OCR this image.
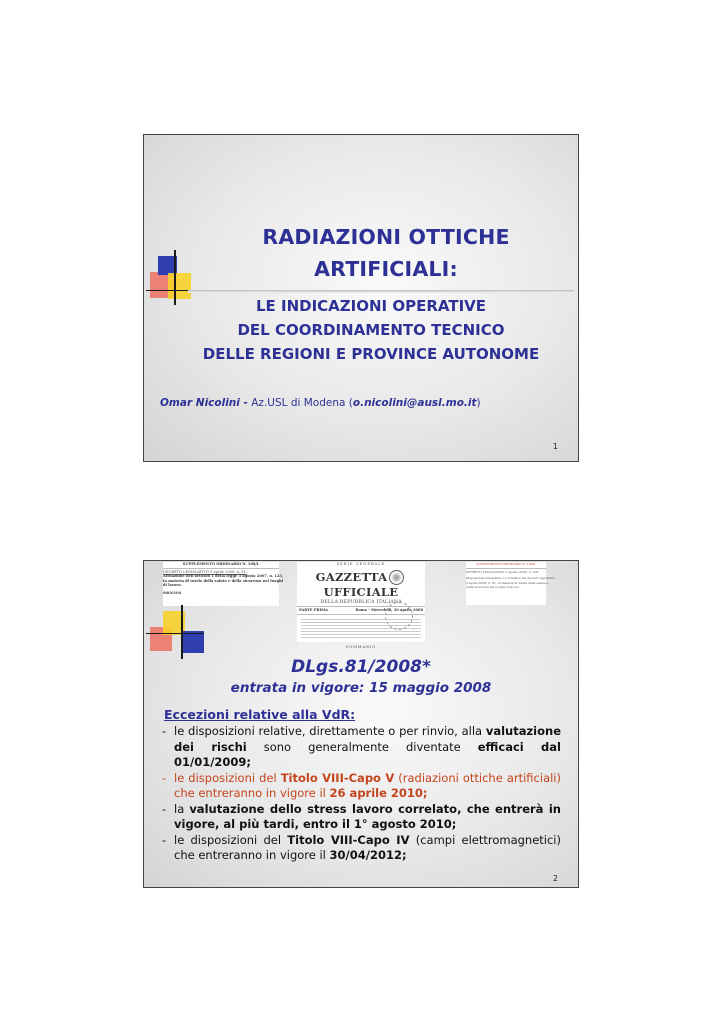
RADIAZIONI OTTICHE
ARTIFICIALI:
LE INDICAZIONI OPERATIVE
DEL COORDINAMENTO TECNICO
DELLE REGIONI E PROVINCE AUTONOME
Omar Nicolini - Az.USL di Modena (o.nicolini@ausl.mo.it)
1
SUPPLEMENTO ORDINARIO N. 108/L
DECRETO LEGISLATIVO 9 aprile 2008, n. 81.
Attuazione dell'articolo 1 della legge 3 agosto 2007, n. 123,
in materia di tutela della salute e della sicurezza nei luoghi
di lavoro.
08G0104
SERIE GENERALE
GAZZETTAUFFICIALE
DELLA REPUBBLICA ITALIANA
PARTE PRIMA	Roma - Mercoledì, 30 aprile 2008
SOMMARIO
SUPPLEMENTO ORDINARIO N. 180/L
DECRETO LEGISLATIVO 3 agosto 2009, n. 106.
Disposizioni integrative e correttive del decreto legislativo
9 aprile 2008, n. 81, in materia di tutela della salute e
della sicurezza nei luoghi di lavoro.
DLgs.81/2008*
entrata in vigore: 15 maggio 2008
Eccezioni relative alla VdR:
- le disposizioni relative, direttamente o per rinvio, alla valutazione dei rischi sono generalmente diventate efficaci dal 01/01/2009;
- le disposizioni del Titolo VIII-Capo V (radiazioni ottiche artificiali) che entreranno in vigore il 26 aprile 2010;
- la valutazione dello stress lavoro correlato, che entrerà in vigore, al più tardi, entro il 1° agosto 2010;
- le disposizioni del Titolo VIII-Capo IV (campi elettromagnetici) che entreranno in vigore il 30/04/2012;
2
